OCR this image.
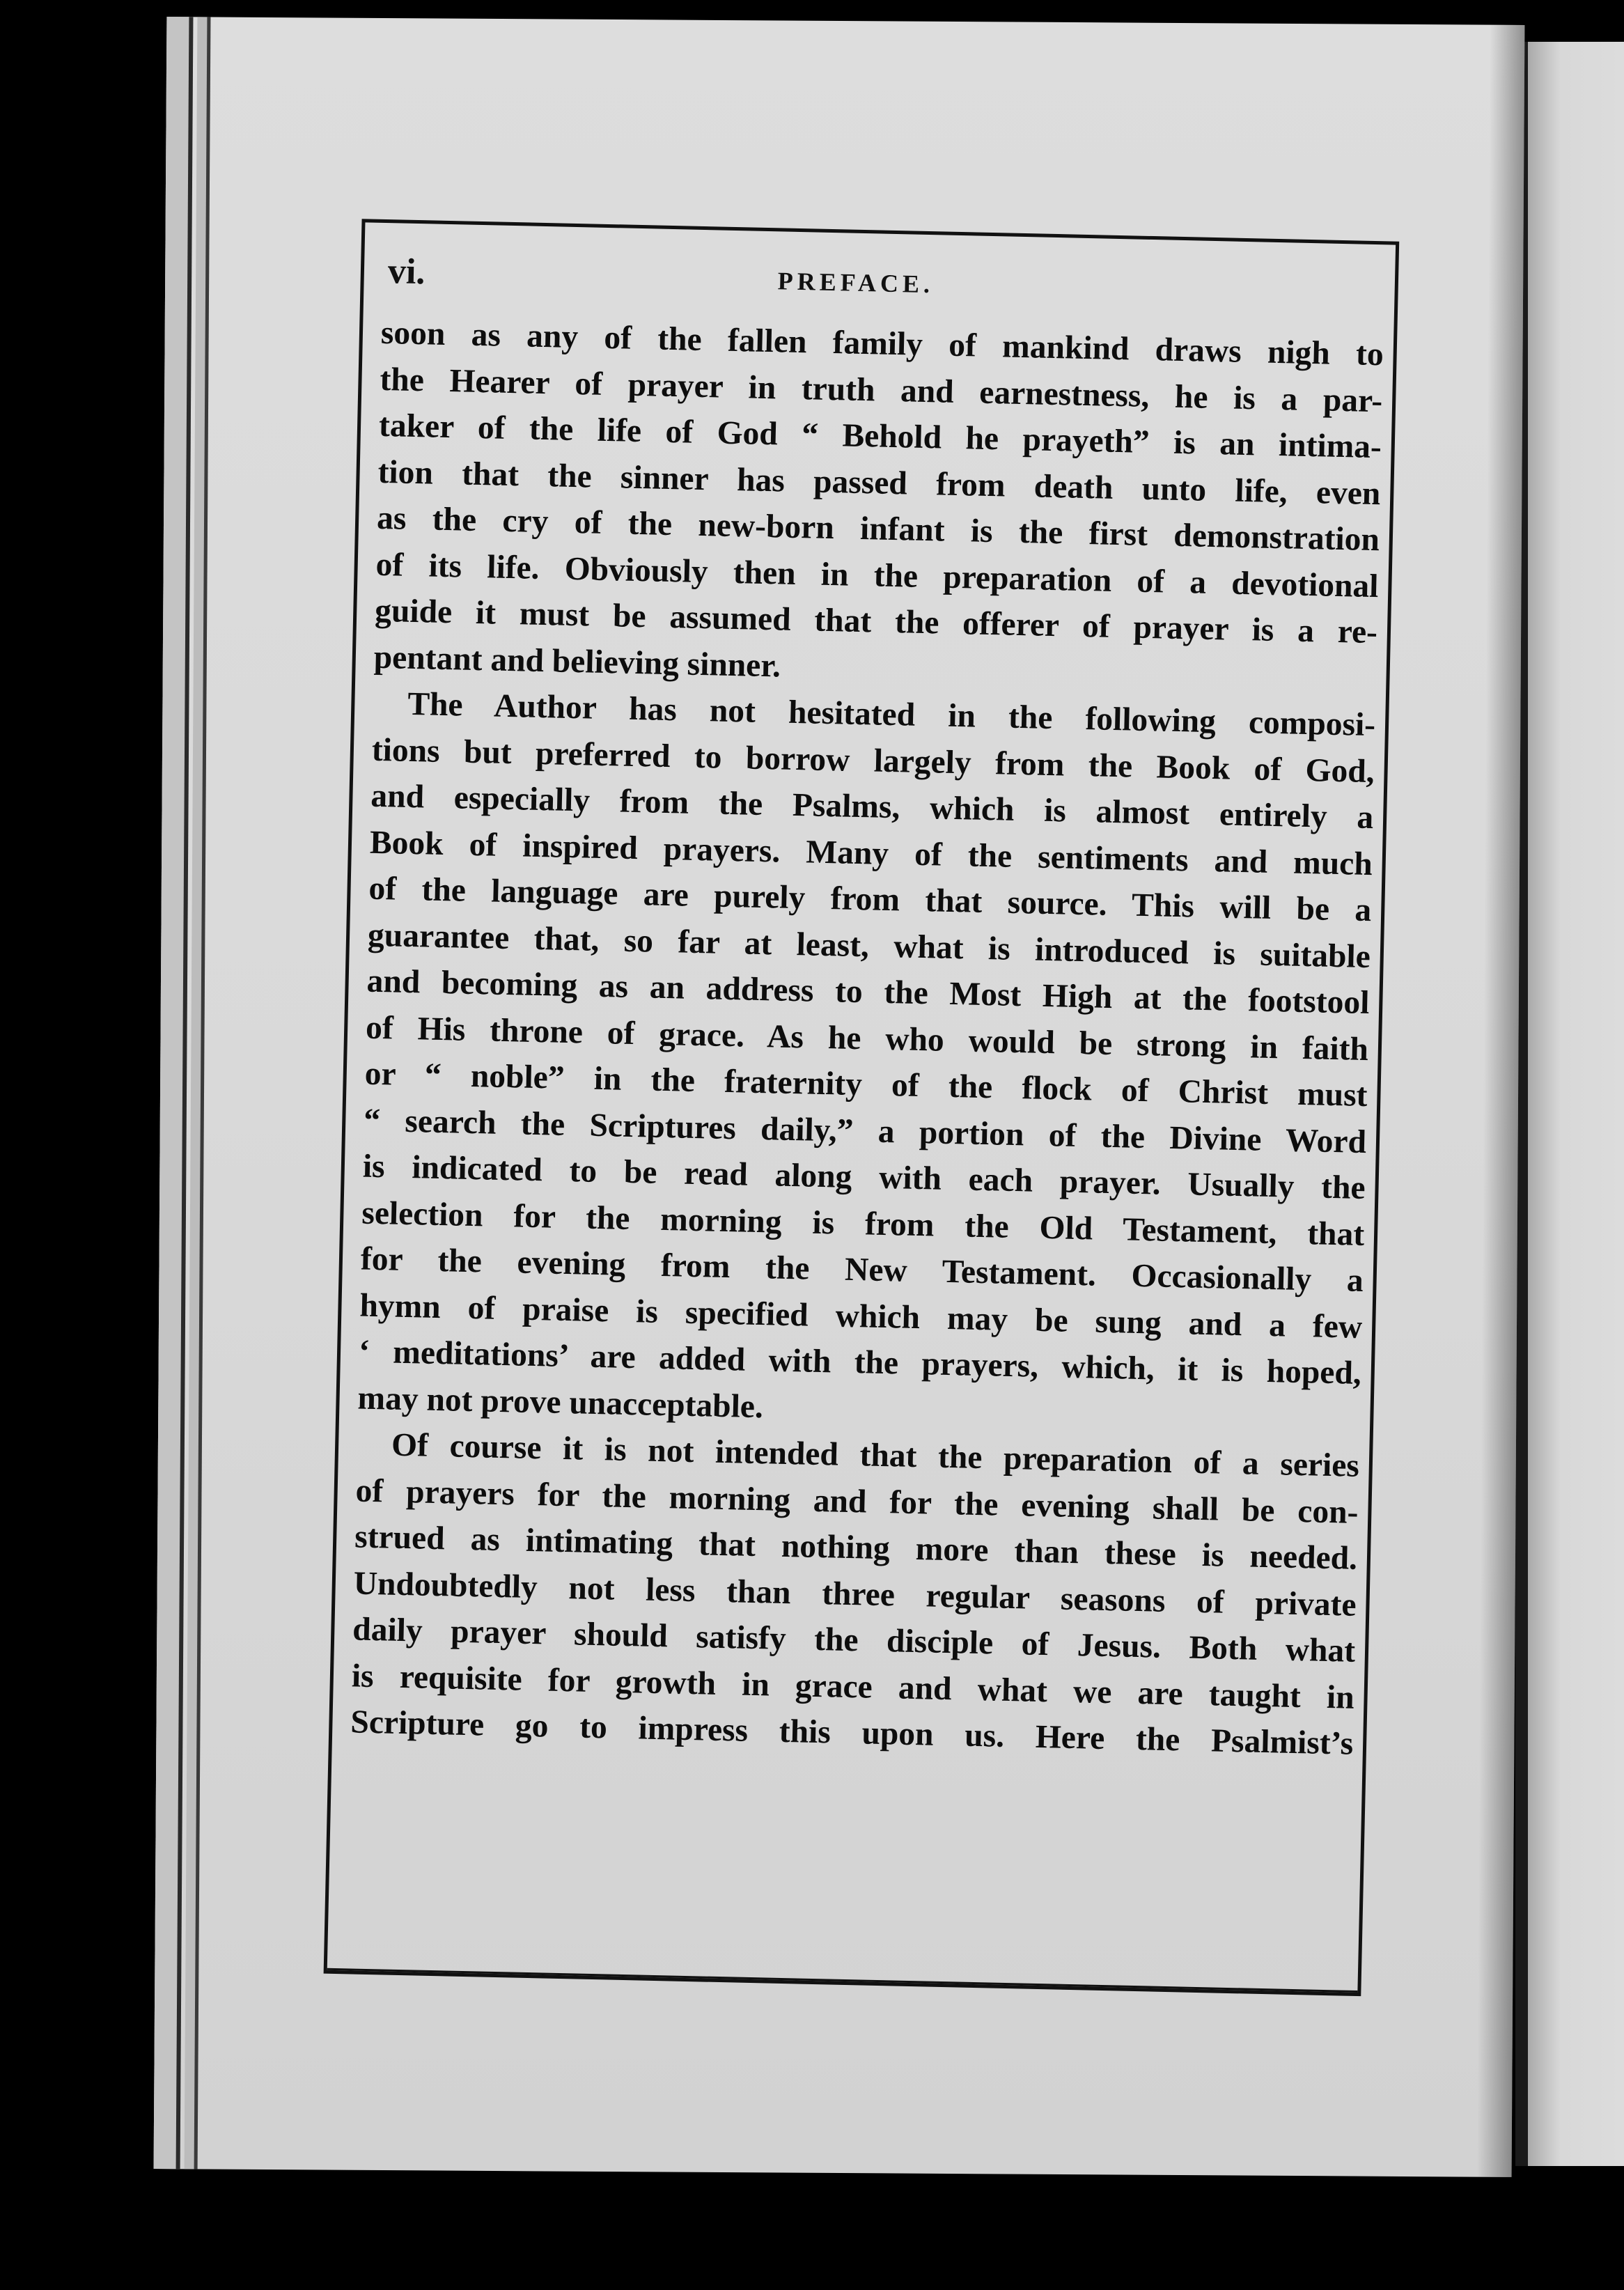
vi.	PREFACE.
soon as any of the fallen family of mankind draws nigh to
the Hearer of prayer in truth and earnestness, he is a par-
taker of the life of God “ Behold he prayeth” is an intima-
tion that the sinner has passed from death unto life, even
as the cry of the new-born infant is the first demonstration
of its life. Obviously then in the preparation of a devotional
guide it must be assumed that the offerer of prayer is a re-
pentant and believing sinner.
The Author has not hesitated in the following composi-
tions but preferred to borrow largely from the Book of God,
and especially from the Psalms, which is almost entirely a
Book of inspired prayers. Many of the sentiments and much
of the language are purely from that source. This will be a
guarantee that, so far at least, what is introduced is suitable
and becoming as an address to the Most High at the footstool
of His throne of grace. As he who would be strong in faith
or “ noble” in the fraternity of the flock of Christ must
“ search the Scriptures daily,” a portion of the Divine Word
is indicated to be read along with each prayer. Usually the
selection for the morning is from the Old Testament, that
for the evening from the New Testament. Occasionally a
hymn of praise is specified which may be sung and a few
‘ meditations’ are added with the prayers, which, it is hoped,
may not prove unacceptable.
Of course it is not intended that the preparation of a series
of prayers for the morning and for the evening shall be con-
strued as intimating that nothing more than these is needed.
Undoubtedly not less than three regular seasons of private
daily prayer should satisfy the disciple of Jesus. Both what
is requisite for growth in grace and what we are taught in
Scripture go to impress this upon us. Here the Psalmist’s
